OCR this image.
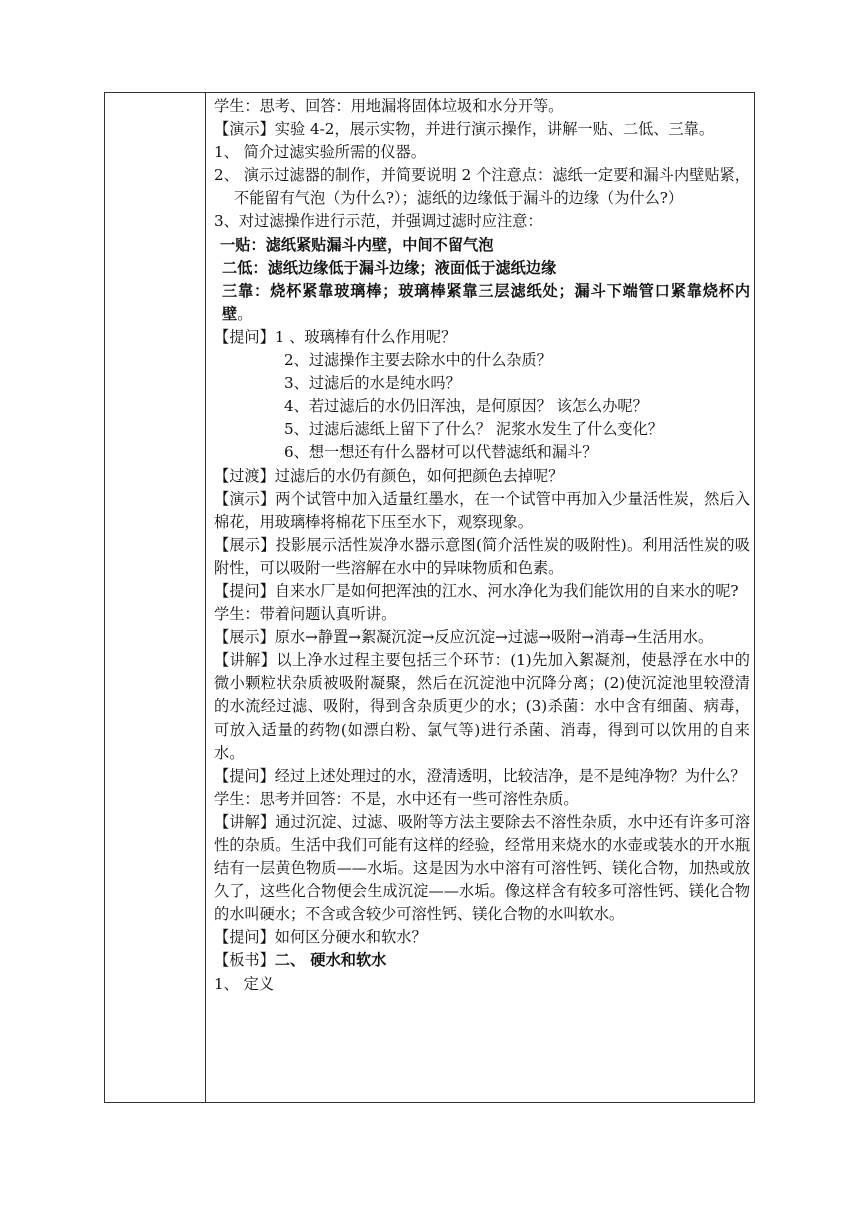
学生：思考、回答：用地漏将固体垃圾和水分开等。

【演示】实验 4-2，展示实物，并进行演示操作，讲解一贴、二低、三靠。

1、 简介过滤实验所需的仪器。

2、 演示过滤器的制作，并简要说明 2 个注意点：滤纸一定要和漏斗内壁贴紧，不能留有气泡（为什么?）；滤纸的边缘低于漏斗的边缘（为什么?）

3、对过滤操作进行示范，并强调过滤时应注意：

一贴：滤纸紧贴漏斗内壁，中间不留气泡

二低：滤纸边缘低于漏斗边缘；液面低于滤纸边缘

三靠：烧杯紧靠玻璃棒；玻璃棒紧靠三层滤纸处；漏斗下端管口紧靠烧杯内壁。

【提问】1 、玻璃棒有什么作用呢？

2、过滤操作主要去除水中的什么杂质？

3、过滤后的水是纯水吗？

4、若过滤后的水仍旧浑浊，是何原因？ 该怎么办呢？

5、过滤后滤纸上留下了什么？ 泥浆水发生了什么变化？

6、想一想还有什么器材可以代替滤纸和漏斗？

【过渡】过滤后的水仍有颜色，如何把颜色去掉呢？

【演示】两个试管中加入适量红墨水，在一个试管中再加入少量活性炭，然后入棉花，用玻璃棒将棉花下压至水下，观察现象。

【展示】投影展示活性炭净水器示意图(简介活性炭的吸附性)。利用活性炭的吸附性，可以吸附一些溶解在水中的异味物质和色素。

【提问】自来水厂是如何把浑浊的江水、河水净化为我们能饮用的自来水的呢?

学生：带着问题认真听讲。

【展示】原水→静置→絮凝沉淀→反应沉淀→过滤→吸附→消毒→生活用水。

【讲解】以上净水过程主要包括三个环节：(1)先加入絮凝剂，使悬浮在水中的微小颗粒状杂质被吸附凝聚，然后在沉淀池中沉降分离；(2)使沉淀池里较澄清的水流经过滤、吸附，得到含杂质更少的水；(3)杀菌：水中含有细菌、病毒，可放入适量的药物(如漂白粉、氯气等)进行杀菌、消毒，得到可以饮用的自来水。

【提问】经过上述处理过的水，澄清透明，比较洁净，是不是纯净物？为什么？

学生：思考并回答：不是，水中还有一些可溶性杂质。

【讲解】通过沉淀、过滤、吸附等方法主要除去不溶性杂质，水中还有许多可溶性的杂质。生活中我们可能有这样的经验，经常用来烧水的水壶或装水的开水瓶结有一层黄色物质——水垢。这是因为水中溶有可溶性钙、镁化合物，加热或放久了，这些化合物便会生成沉淀——水垢。像这样含有较多可溶性钙、镁化合物的水叫硬水；不含或含较少可溶性钙、镁化合物的水叫软水。

【提问】如何区分硬水和软水？

【板书】二、 硬水和软水

1、 定义
